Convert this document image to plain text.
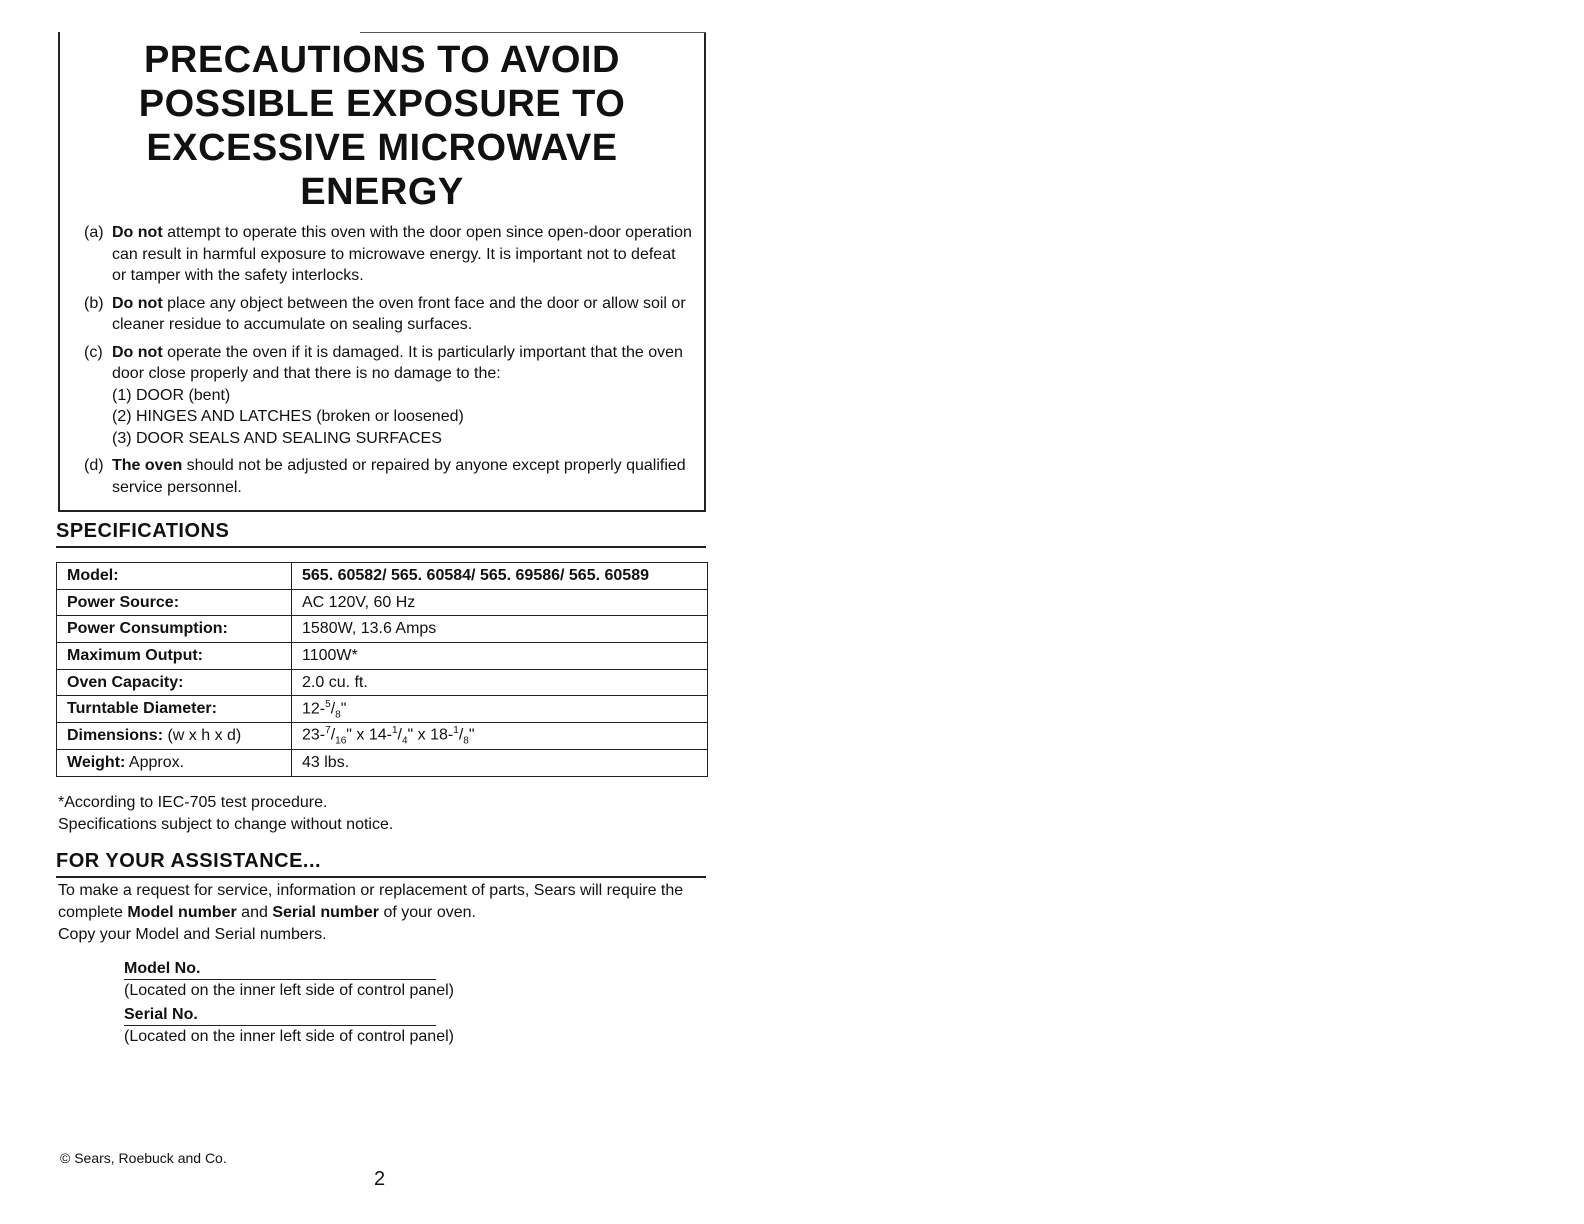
PRECAUTIONS TO AVOID
POSSIBLE EXPOSURE TO
EXCESSIVE MICROWAVE
ENERGY
(a) Do not attempt to operate this oven with the door open since open-door operation can result in harmful exposure to microwave energy. It is important not to defeat or tamper with the safety interlocks.
(b) Do not place any object between the oven front face and the door or allow soil or cleaner residue to accumulate on sealing surfaces.
(c) Do not operate the oven if it is damaged. It is particularly important that the oven door close properly and that there is no damage to the:
(1) DOOR (bent)
(2) HINGES AND LATCHES (broken or loosened)
(3) DOOR SEALS AND SEALING SURFACES
(d) The oven should not be adjusted or repaired by anyone except properly qualified service personnel.
SPECIFICATIONS
Model:	565. 60582/ 565. 60584/ 565. 69586/ 565. 60589
Power Source:	AC 120V, 60 Hz
Power Consumption:	1580W, 13.6 Amps
Maximum Output:	1100W*
Oven Capacity:	2.0 cu. ft.
Turntable Diameter:	$12-^5/_8$"
Dimensions: (w x h x d)	$23-^7/_{16}$" x $14-^1/_4$" x $18-^1/_8$"
Weight: Approx.	43 lbs.
*According to IEC-705 test procedure.
Specifications subject to change without notice.
FOR YOUR ASSISTANCE...
To make a request for service, information or replacement of parts, Sears will require the complete Model number and Serial number of your oven.
Copy your Model and Serial numbers.
Model No.
(Located on the inner left side of control panel)
Serial No.
(Located on the inner left side of control panel)
© Sears, Roebuck and Co.
2
